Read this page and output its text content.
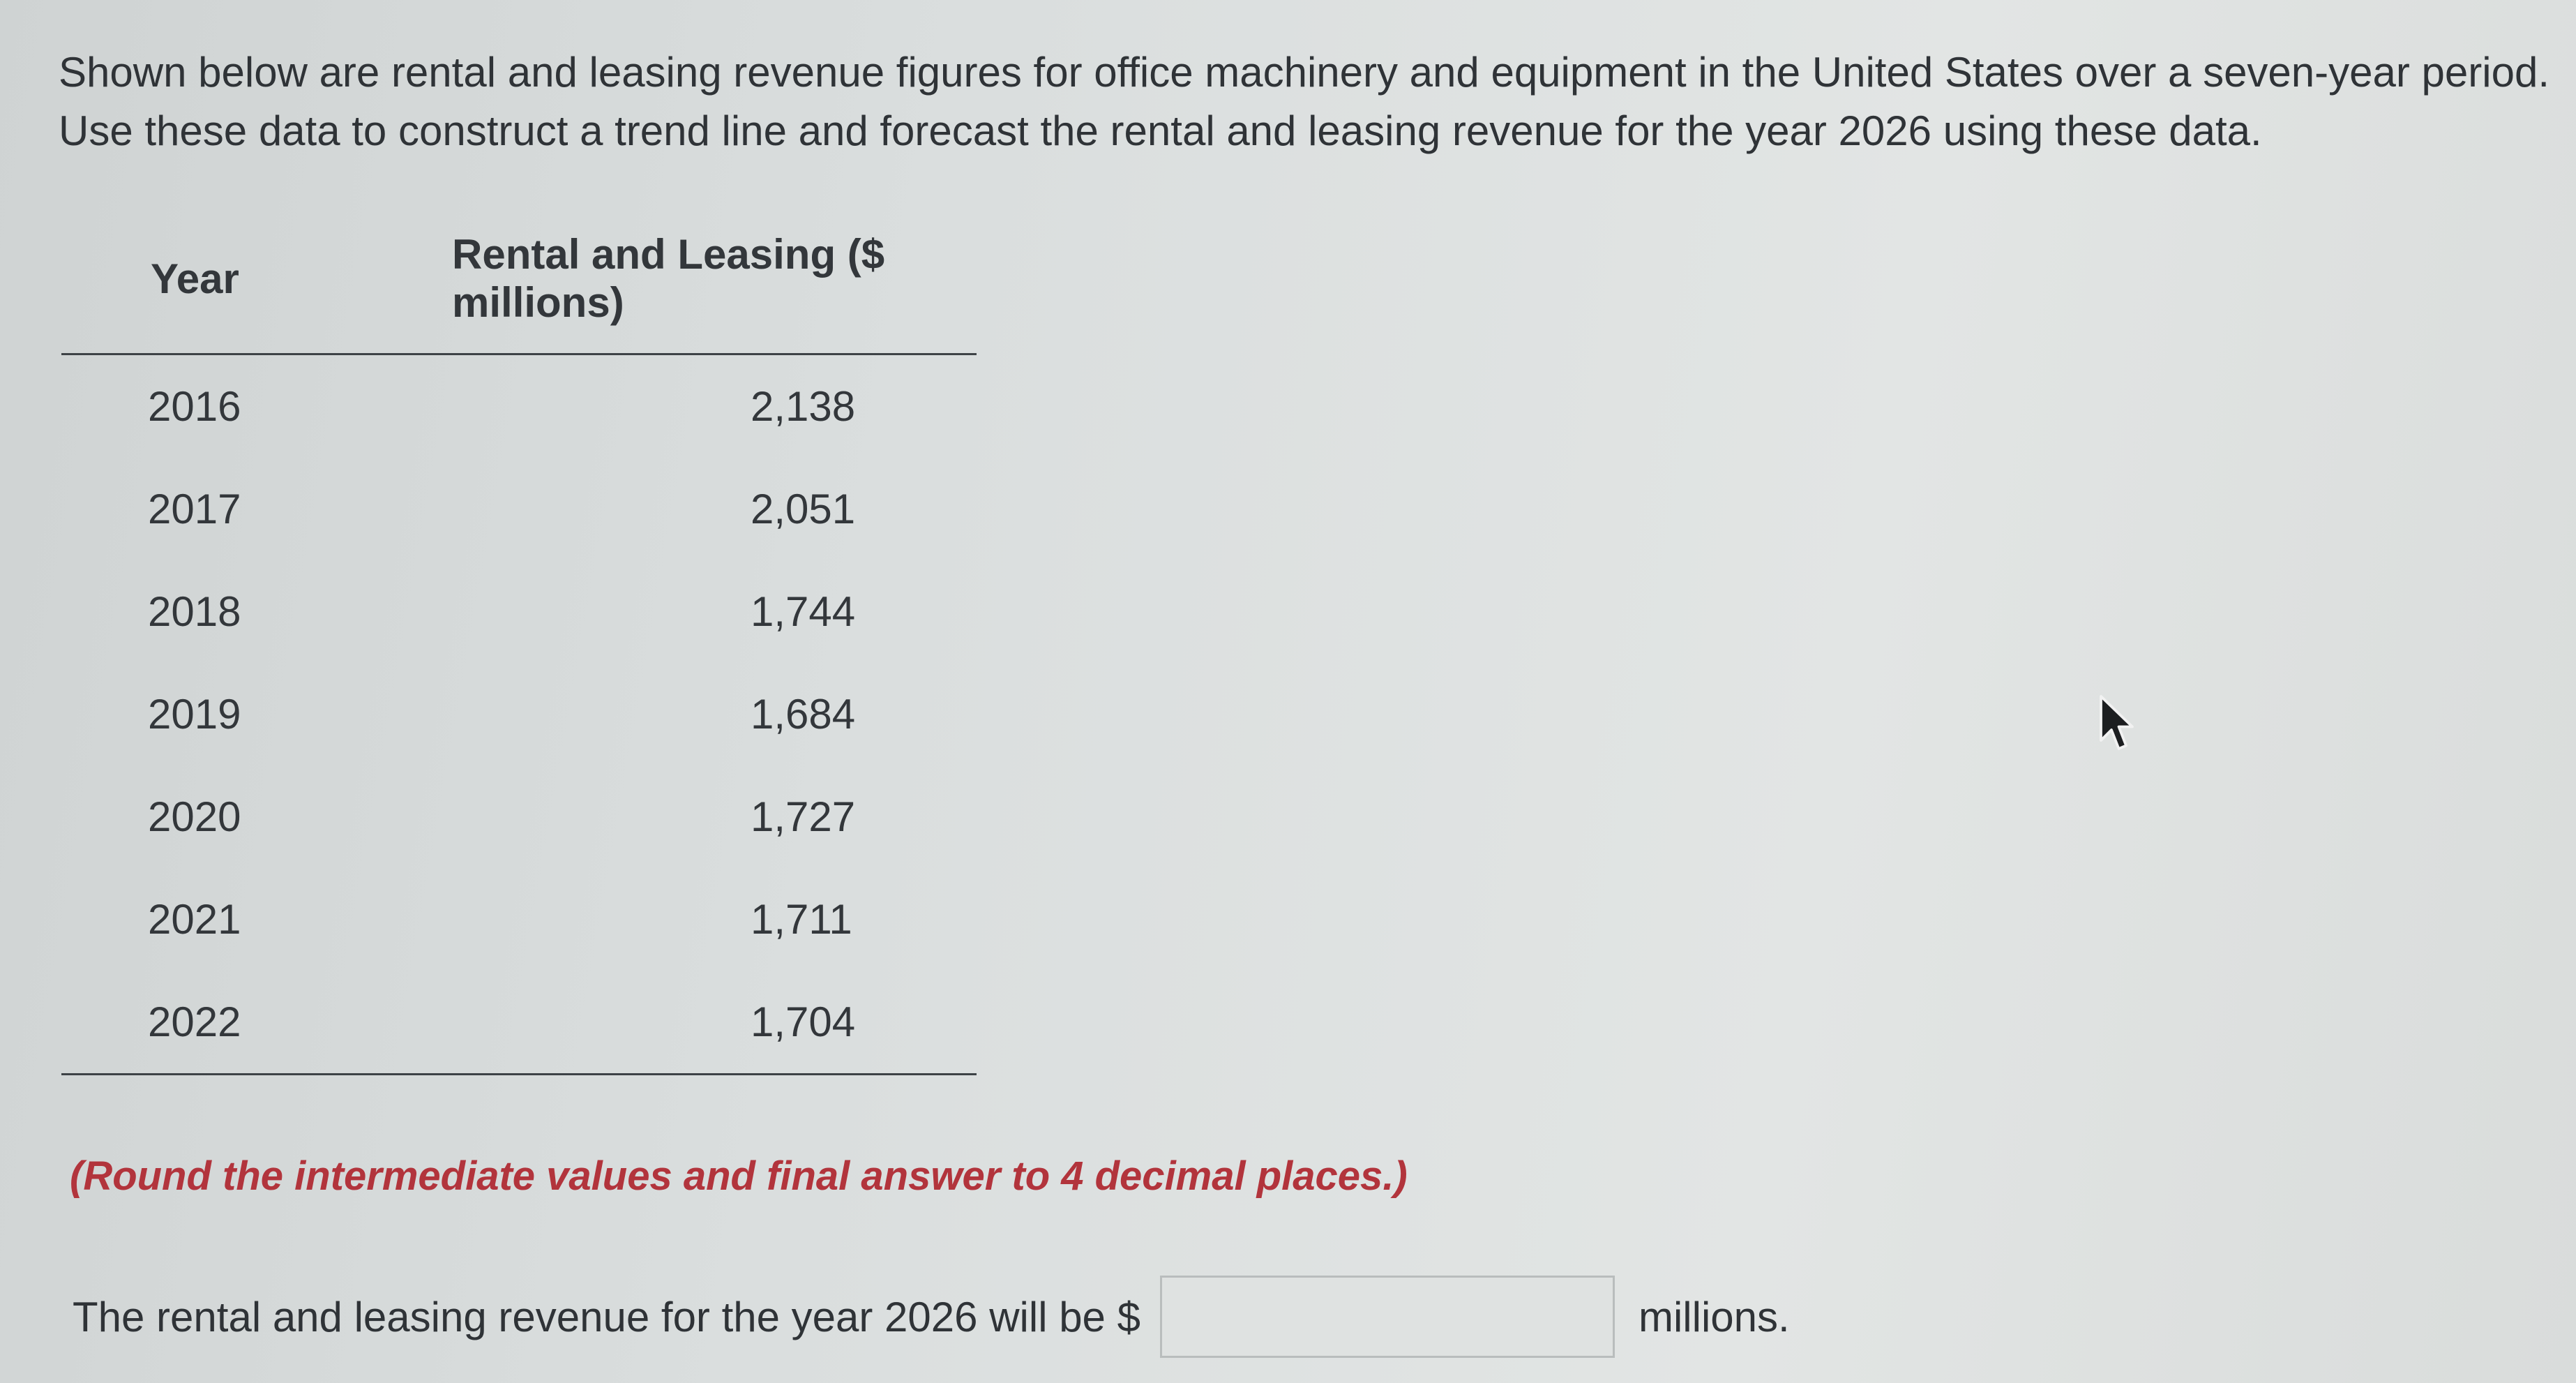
Shown below are rental and leasing revenue figures for office machinery and equipment in the United States over a seven-year period.

Use these data to construct a trend line and forecast the rental and leasing revenue for the year 2026 using these data.

Year	Rental and Leasing ($ millions)
2016	2,138
2017	2,051
2018	1,744
2019	1,684
2020	1,727
2021	1,711
2022	1,704
(Round the intermediate values and final answer to 4 decimal places.)
The rental and leasing revenue for the year 2026 will be $	millions.
